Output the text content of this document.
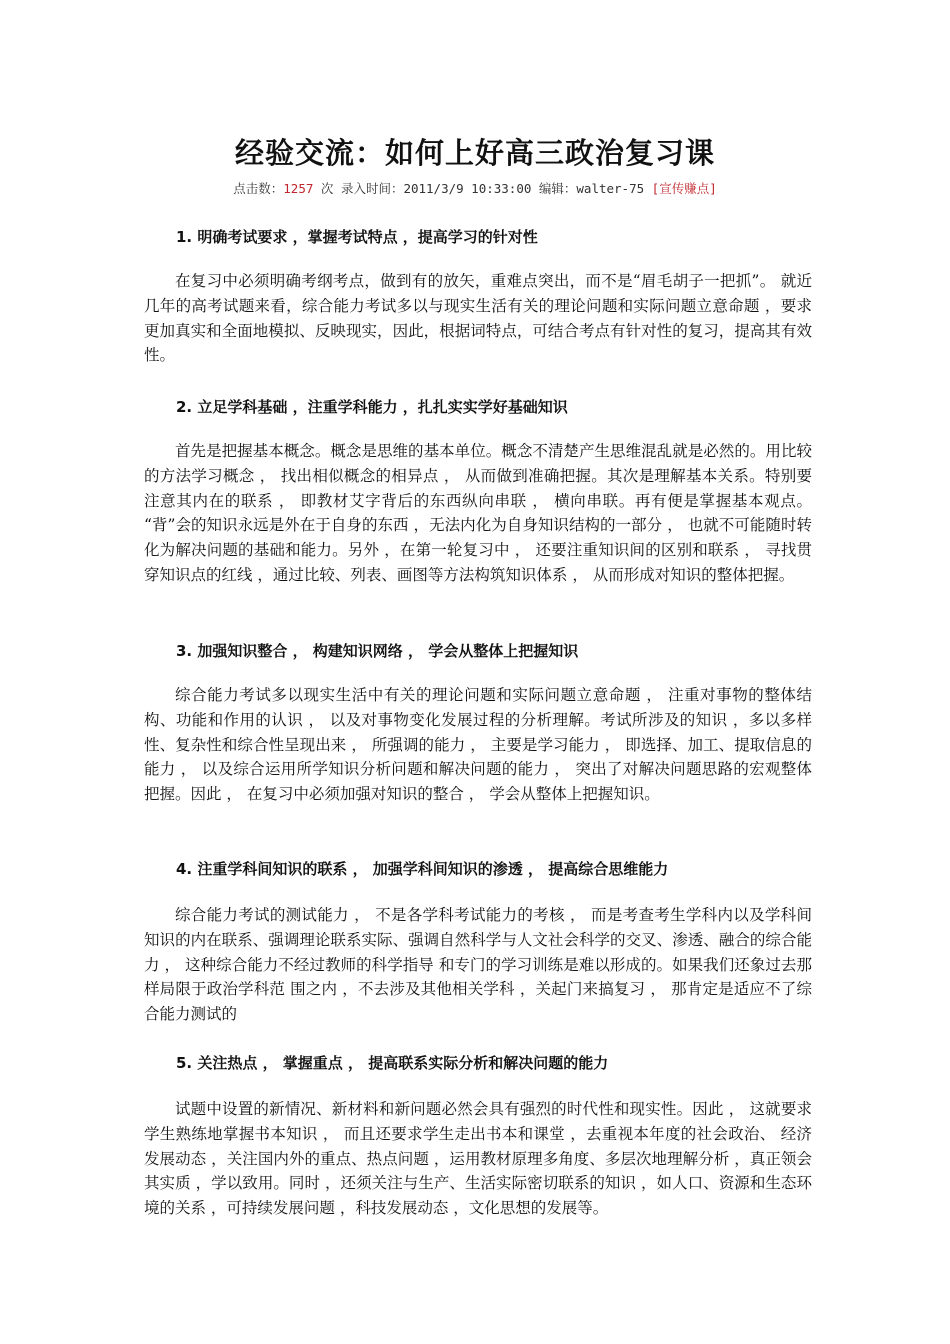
经验交流：如何上好高三政治复习课
点击数：1257 次 录入时间：2011/3/9 10:33:00 编辑：walter-75 [宣传赚点]

1. 明确考试要求 ，掌握考试特点 ，提高学习的针对性

在复习中必须明确考纲考点，做到有的放矢，重难点突出，而不是“眉毛胡子一把抓”。 就近几年的高考试题来看，综合能力考试多以与现实生活有关的理论问题和实际问题立意命题 ，要求更加真实和全面地模拟、反映现实，因此，根据词特点，可结合考点有针对性的复习，提高其有效性。

2. 立足学科基础 ，注重学科能力 ，扎扎实实学好基础知识

首先是把握基本概念。概念是思维的基本单位。概念不清楚产生思维混乱就是必然的。用比较的方法学习概念 ， 找出相似概念的相异点 ， 从而做到准确把握。其次是理解基本关系。特别要注意其内在的联系 ， 即教材艾字背后的东西纵向串联 ， 横向串联。再有便是掌握基本观点。 “背”会的知识永远是外在于自身的东西 ，无法内化为自身知识结构的一部分 ， 也就不可能随时转化为解决问题的基础和能力。另外 ，在第一轮复习中 ， 还要注重知识间的区别和联系 ， 寻找贯穿知识点的红线 ，通过比较、列表、画图等方法构筑知识体系 ， 从而形成对知识的整体把握。

3. 加强知识整合 ， 构建知识网络 ， 学会从整体上把握知识

综合能力考试多以现实生活中有关的理论问题和实际问题立意命题 ， 注重对事物的整体结构、功能和作用的认识 ， 以及对事物变化发展过程的分析理解。考试所涉及的知识 ，多以多样性、复杂性和综合性呈现出来 ， 所强调的能力 ， 主要是学习能力 ， 即选择、加工、提取信息的能力 ， 以及综合运用所学知识分析问题和解决问题的能力 ， 突出了对解决问题思路的宏观整体把握。因此 ， 在复习中必须加强对知识的整合 ， 学会从整体上把握知识。

4. 注重学科间知识的联系 ， 加强学科间知识的渗透 ， 提高综合思维能力

综合能力考试的测试能力 ， 不是各学科考试能力的考核 ， 而是考查考生学科内以及学科间知识的内在联系、强调理论联系实际、强调自然科学与人文社会科学的交叉、渗透、融合的综合能力 ， 这种综合能力不经过教师的科学指导 和专门的学习训练是难以形成的。如果我们还象过去那样局限于政治学科范 围之内 ，不去涉及其他相关学科 ，关起门来搞复习 ， 那肯定是适应不了综合能力测试的

5. 关注热点 ， 掌握重点 ， 提高联系实际分析和解决问题的能力

试题中设置的新情况、新材料和新问题必然会具有强烈的时代性和现实性。因此 ， 这就要求学生熟练地掌握书本知识 ， 而且还要求学生走出书本和课堂 ，去重视本年度的社会政治、 经济发展动态 ，关注国内外的重点、热点问题 ，运用教材原理多角度、多层次地理解分析 ，真正领会其实质 ，学以致用。同时 ，还须关注与生产、生活实际密切联系的知识 ，如人口、资源和生态环境的关系 ，可持续发展问题 ，科技发展动态 ，文化思想的发展等。
